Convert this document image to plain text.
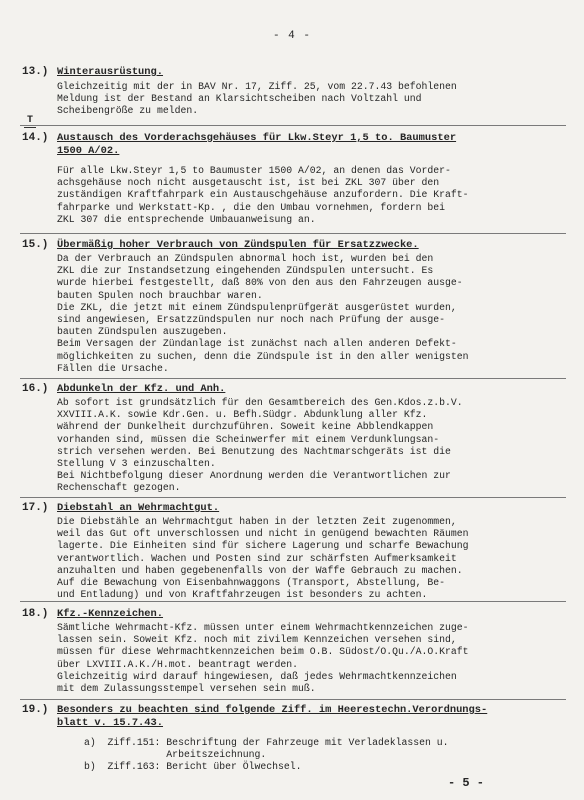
- 4 -
T
13.) Winterausrüstung.
Gleichzeitig mit der in BAV Nr. 17, Ziff. 25, vom 22.7.43 befohlenen
Meldung ist der Bestand an Klarsichtscheiben nach Voltzahl und
Scheibengröße zu melden.
14.) Austausch des Vorderachsgehäuses für Lkw.Steyr 1,5 to. Baumuster
1500 A/02.
Für alle Lkw.Steyr 1,5 to Baumuster 1500 A/02, an denen das Vorder-
achsgehäuse noch nicht ausgetauscht ist, ist bei ZKL 307 über den
zuständigen Kraftfahrpark ein Austauschgehäuse anzufordern. Die Kraft-
fahrparke und Werkstatt-Kp. , die den Umbau vornehmen, fordern bei
ZKL 307 die entsprechende Umbauanweisung an.
15.) Übermäßig hoher Verbrauch von Zündspulen für Ersatzzwecke.
Da der Verbrauch an Zündspulen abnormal hoch ist, wurden bei den
ZKL die zur Instandsetzung eingehenden Zündspulen untersucht. Es
wurde hierbei festgestellt, daß 80% von den aus den Fahrzeugen ausge-
bauten Spulen noch brauchbar waren.
Die ZKL, die jetzt mit einem Zündspulenprüfgerät ausgerüstet wurden,
sind angewiesen, Ersatzzündspulen nur noch nach Prüfung der ausge-
bauten Zündspulen auszugeben.
Beim Versagen der Zündanlage ist zunächst nach allen anderen Defekt-
möglichkeiten zu suchen, denn die Zündspule ist in den aller wenigsten
Fällen die Ursache.
16.) Abdunkeln der Kfz. und Anh.
Ab sofort ist grundsätzlich für den Gesamtbereich des Gen.Kdos.z.b.V.
XXVIII.A.K. sowie Kdr.Gen. u. Befh.Südgr. Abdunklung aller Kfz.
während der Dunkelheit durchzuführen. Soweit keine Abblendkappen
vorhanden sind, müssen die Scheinwerfer mit einem Verdunklungsan-
strich versehen werden. Bei Benutzung des Nachtmarschgeräts ist die
Stellung V 3 einzuschalten.
Bei Nichtbefolgung dieser Anordnung werden die Verantwortlichen zur
Rechenschaft gezogen.
17.) Diebstahl an Wehrmachtgut.
Die Diebstähle an Wehrmachtgut haben in der letzten Zeit zugenommen,
weil das Gut oft unverschlossen und nicht in genügend bewachten Räumen
lagerte. Die Einheiten sind für sichere Lagerung und scharfe Bewachung
verantwortlich. Wachen und Posten sind zur schärfsten Aufmerksamkeit
anzuhalten und haben gegebenenfalls von der Waffe Gebrauch zu machen.
Auf die Bewachung von Eisenbahnwaggons (Transport, Abstellung, Be-
und Entladung) und von Kraftfahrzeugen ist besonders zu achten.
18.) Kfz.-Kennzeichen.
Sämtliche Wehrmacht-Kfz. müssen unter einem Wehrmachtkennzeichen zuge-
lassen sein. Soweit Kfz. noch mit zivilem Kennzeichen versehen sind,
müssen für diese Wehrmachtkennzeichen beim O.B. Südost/O.Qu./A.O.Kraft
über LXVIII.A.K./H.mot. beantragt werden.
Gleichzeitig wird darauf hingewiesen, daß jedes Wehrmachtkennzeichen
mit dem Zulassungsstempel versehen sein muß.
19.) Besonders zu beachten sind folgende Ziff. im Heerestechn.Verordnungs-
blatt v. 15.7.43.
a)  Ziff.151: Beschriftung der Fahrzeuge mit Verladeklassen u.
Arbeitszeichnung.
b)  Ziff.163: Bericht über Ölwechsel.
- 5 -
